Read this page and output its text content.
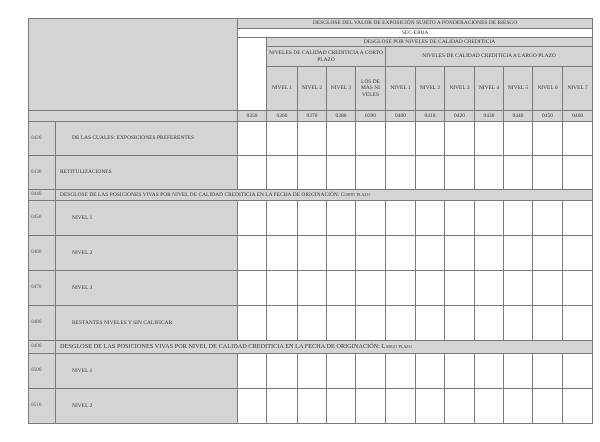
		DESGLOSE DEL VALOR DE EXPOSICIÓN SUJETO A PONDERACIONES DE RIESGO											
		SEC-ERBA											
			DESGLOSE POR NIVELES DE CALIDAD CREDITICIA										
			NIVELES DE CALIDAD CREDITICIA A CORTO PLAZO				NIVELES DE CALIDAD CREDITICIA A LARGO PLAZO						
			NIVEL 1	NIVEL 2	NIVEL 3	LOS DE MÁS NI VELES	NIVEL 1	NIVEL 2	NIVEL 3	NIVEL 4	NIVEL 5	NIVEL 6	NIVEL 7
		0350	0360	0370	0380	0390	0400	0410	0420	0430	0440	0450	0460
0420	DE LAS CUALES: EXPOSICIONES PREFERENTES												
0430	RETITULIZACIONES												
0440	DESGLOSE DE LAS POSICIONES VIVAS POR NIVEL DE CALIDAD CREDITICIA EN LA FECHA DE ORIGINACIÓN: Corto plazo												
0450	NIVEL 1												
0460	NIVEL 2												
0470	NIVEL 3												
0480	RESTANTES NIVELES Y SIN CALIFICAR												
0490	DESGLOSE DE LAS POSICIONES VIVAS POR NIVEL DE CALIDAD CREDITICIA EN LA FECHA DE ORIGINACIÓN: Largo plazo												
0500	NIVEL 1												
0510	NIVEL 2												
